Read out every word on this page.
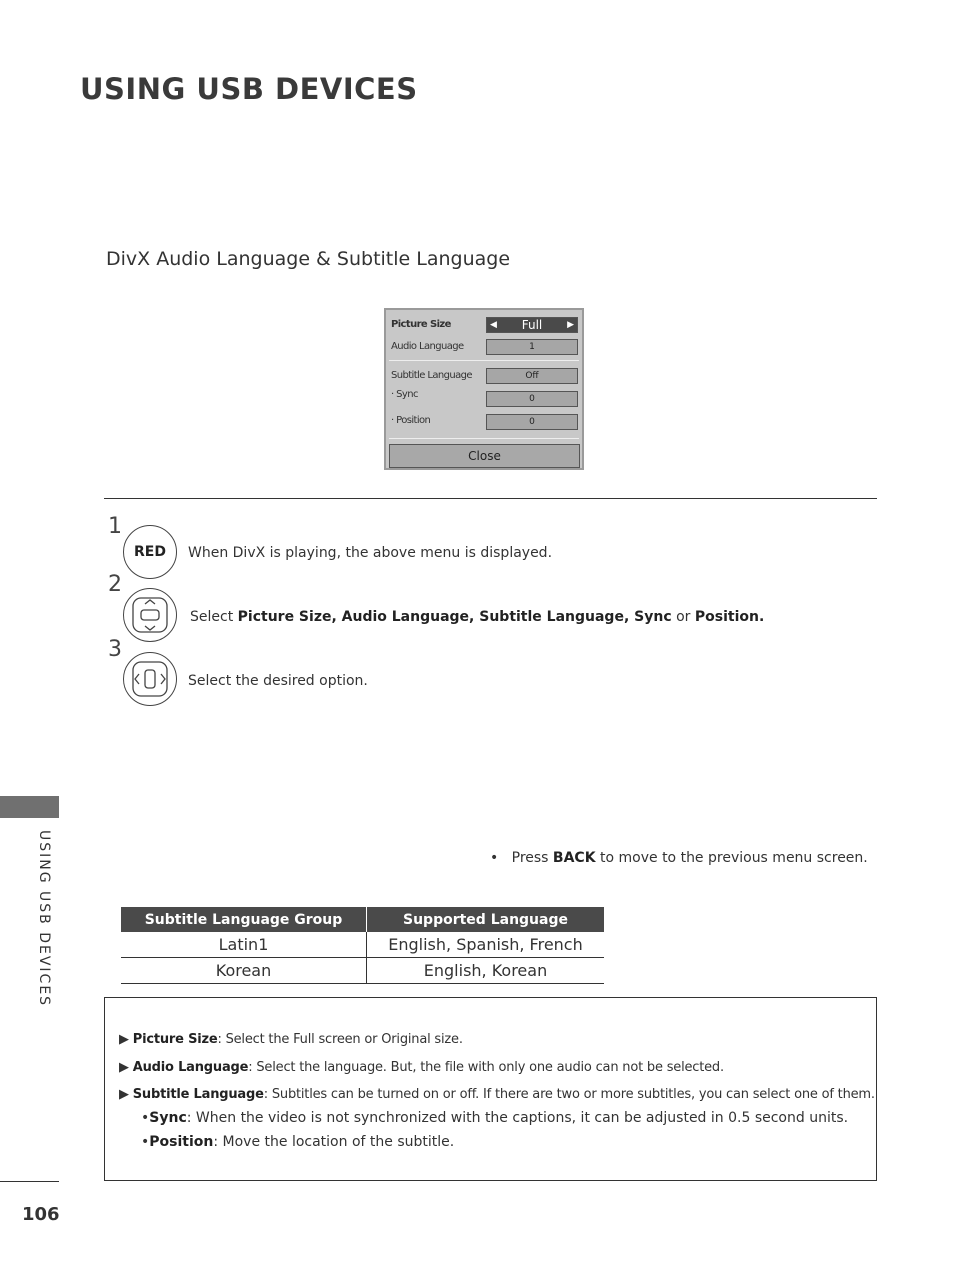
USING USB DEVICES
DivX Audio Language & Subtitle Language
Picture Size	◀ Full	▶
Audio Language	1
Subtitle Language	Off
· Sync	0
· Position	0
Close
1
RED	When DivX is playing, the above menu is displayed.
2
Select Picture Size, Audio Language, Subtitle Language, Sync or Position.
3
Select the desired option.
USING USB DEVICES
106
• Press BACK to move to the previous menu screen.
Subtitle Language Group	Supported Language
Latin1	English, Spanish, French
Korean	English, Korean
▶ Picture Size: Select the Full screen or Original size.
▶ Audio Language: Select the language. But, the file with only one audio can not be selected.
▶ Subtitle Language: Subtitles can be turned on or off. If there are two or more subtitles, you can select one of them.
•Sync: When the video is not synchronized with the captions, it can be adjusted in 0.5 second units.
•Position: Move the location of the subtitle.
